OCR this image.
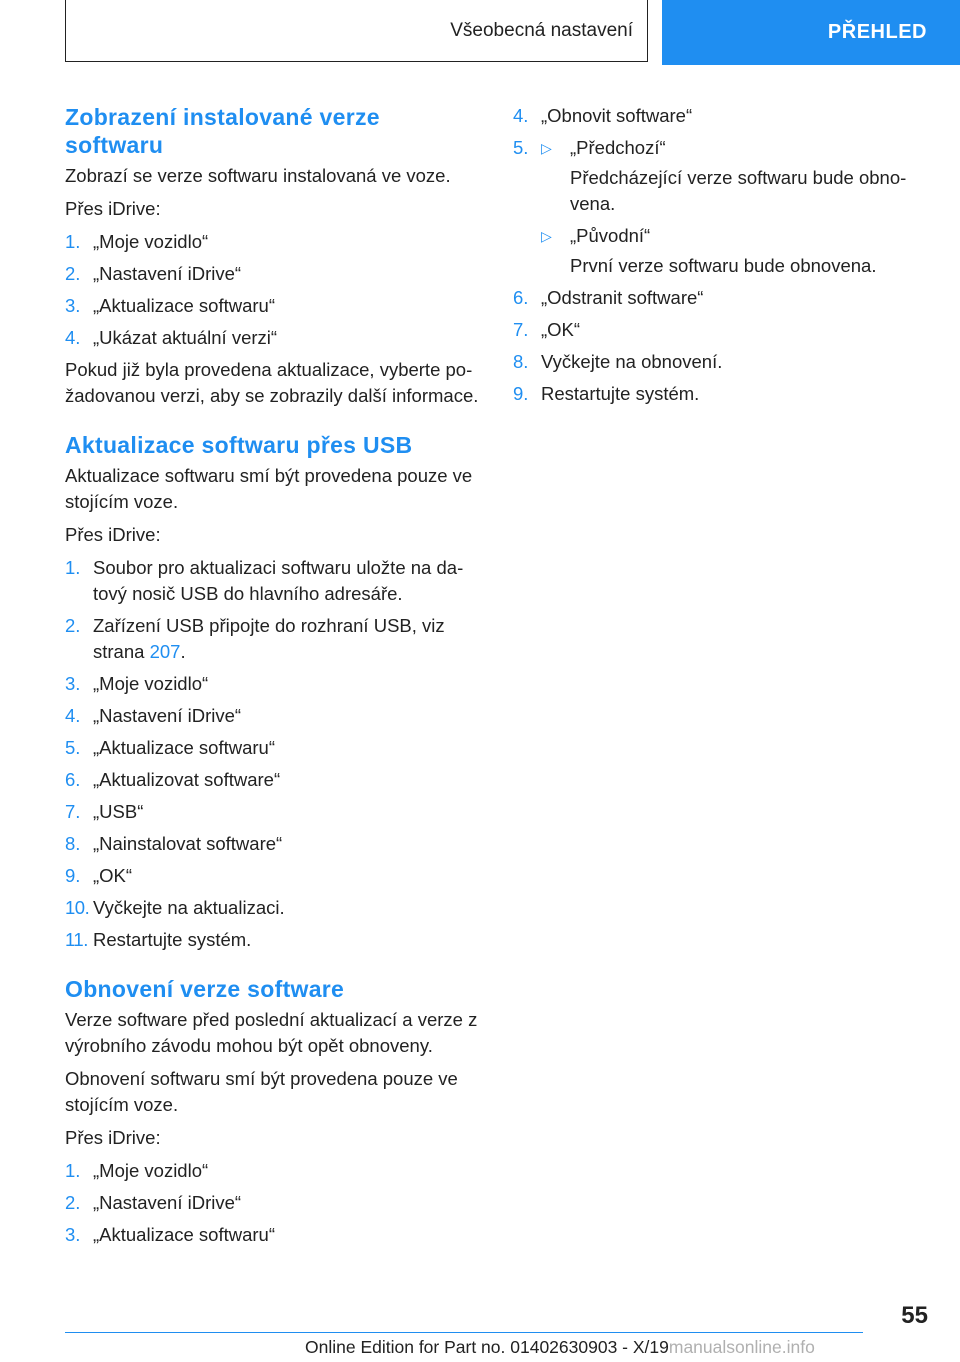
Všeobecná nastavení	PŘEHLED
Zobrazení instalované verze softwaru

Zobrazí se verze softwaru instalovaná ve voze.

Přes iDrive:

1. „Moje vozidlo“
2. „Nastavení iDrive“
3. „Aktualizace softwaru“
4. „Ukázat aktuální verzi“

Pokud již byla provedena aktualizace, vyberte požadovanou verzi, aby se zobrazily další informace.

Aktualizace softwaru přes USB

Aktualizace softwaru smí být provedena pouze ve stojícím voze.

Přes iDrive:

1. Soubor pro aktualizaci softwaru uložte na datový nosič USB do hlavního adresáře.
2. Zařízení USB připojte do rozhraní USB, viz strana 207.
3. „Moje vozidlo“
4. „Nastavení iDrive“
5. „Aktualizace softwaru“
6. „Aktualizovat software“
7. „USB“
8. „Nainstalovat software“
9. „OK“
10. Vyčkejte na aktualizaci.
11. Restartujte systém.
Obnovení verze software

Verze software před poslední aktualizací a verze z výrobního závodu mohou být opět obnoveny.

Obnovení softwaru smí být provedena pouze ve stojícím voze.

Přes iDrive:

1. „Moje vozidlo“
2. „Nastavení iDrive“
3. „Aktualizace softwaru“
4. „Obnovit software“
5. ▷ „Předchozí“
Předcházející verze softwaru bude obnovena.
▷ „Původní“
První verze softwaru bude obnovena.
6. „Odstranit software“
7. „OK“
8. Vyčkejte na obnovení.
9. Restartujte systém.
55
Online Edition for Part no. 01402630903 - X/19manualsonline.info
